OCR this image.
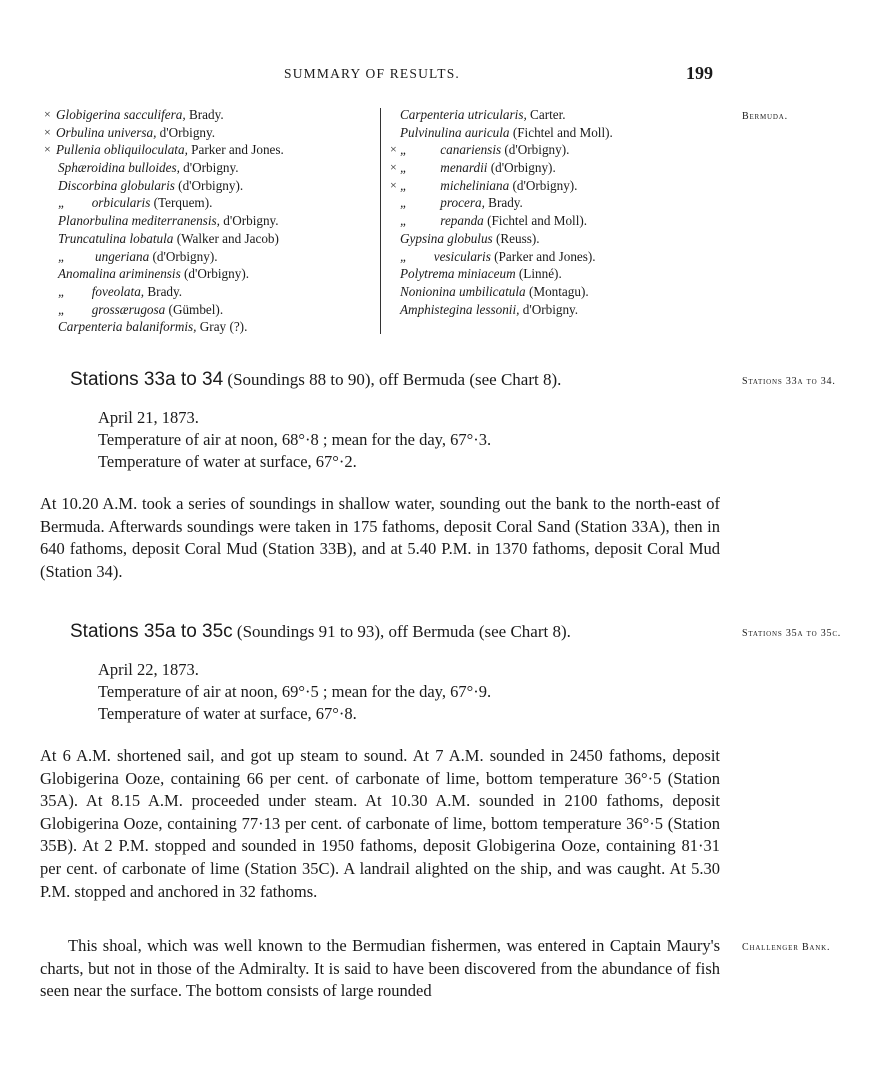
SUMMARY OF RESULTS.	199
× Globigerina sacculifera, Brady.
× Orbulina universa, d'Orbigny.
× Pullenia obliquiloculata, Parker and Jones.
Sphæroidina bulloides, d'Orbigny.
Discorbina globularis (d'Orbigny).
„        orbicularis (Terquem).
Planorbulina mediterranensis, d'Orbigny.
Truncatulina lobatula (Walker and Jacob)
„         ungeriana (d'Orbigny).
Anomalina ariminensis (d'Orbigny).
„        foveolata, Brady.
„        grossærugosa (Gümbel).
Carpenteria balaniformis, Gray (?).
Carpenteria utricularis, Carter.
Pulvinulina auricula (Fichtel and Moll).
× „          canariensis (d'Orbigny).
× „          menardii (d'Orbigny).
× „          micheliniana (d'Orbigny).
„          procera, Brady.
„          repanda (Fichtel and Moll).
Gypsina globulus (Reuss).
„        vesicularis (Parker and Jones).
Polytrema miniaceum (Linné).
Nonionina umbilicatula (Montagu).
Amphistegina lessonii, d'Orbigny.
Bermuda.
Stations 33a to 34 (Soundings 88 to 90), off Bermuda (see Chart 8).	Stations 33a to 34.
April 21, 1873.
Temperature of air at noon, 68°·8 ; mean for the day, 67°·3.
Temperature of water at surface, 67°·2.
At 10.20 A.M. took a series of soundings in shallow water, sounding out the bank to the north-east of Bermuda. Afterwards soundings were taken in 175 fathoms, deposit Coral Sand (Station 33A), then in 640 fathoms, deposit Coral Mud (Station 33B), and at 5.40 P.M. in 1370 fathoms, deposit Coral Mud (Station 34).
Stations 35a to 35c (Soundings 91 to 93), off Bermuda (see Chart 8).	Stations 35a to 35c.
April 22, 1873.
Temperature of air at noon, 69°·5 ; mean for the day, 67°·9.
Temperature of water at surface, 67°·8.
At 6 A.M. shortened sail, and got up steam to sound. At 7 A.M. sounded in 2450 fathoms, deposit Globigerina Ooze, containing 66 per cent. of carbonate of lime, bottom temperature 36°·5 (Station 35A). At 8.15 A.M. proceeded under steam. At 10.30 A.M. sounded in 2100 fathoms, deposit Globigerina Ooze, containing 77·13 per cent. of carbonate of lime, bottom temperature 36°·5 (Station 35B). At 2 P.M. stopped and sounded in 1950 fathoms, deposit Globigerina Ooze, containing 81·31 per cent. of carbonate of lime (Station 35C). A landrail alighted on the ship, and was caught. At 5.30 P.M. stopped and anchored in 32 fathoms.
This shoal, which was well known to the Bermudian fishermen, was entered in Captain Maury's charts, but not in those of the Admiralty. It is said to have been discovered from the abundance of fish seen near the surface. The bottom consists of large rounded
Challenger Bank.
